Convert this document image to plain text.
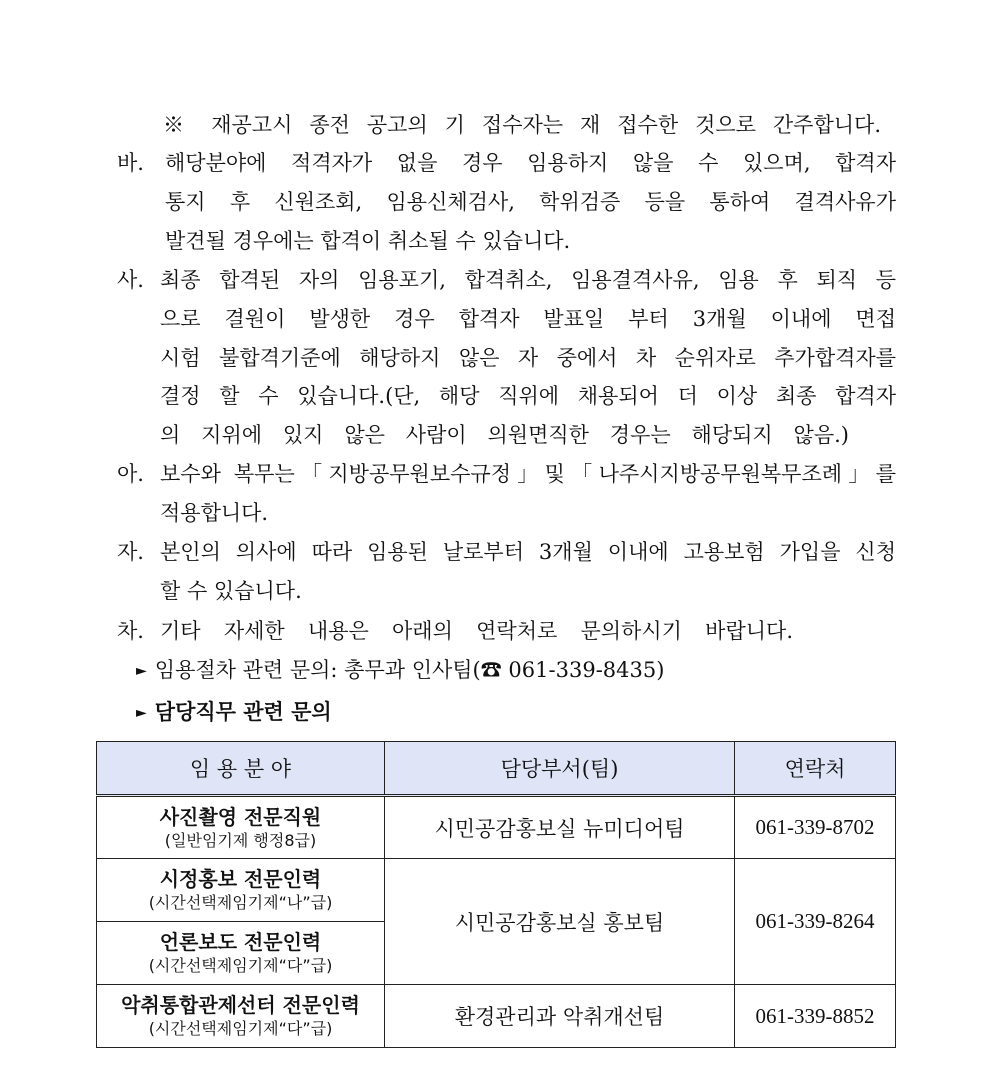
※ 재공고시 종전 공고의 기 접수자는 재 접수한 것으로 간주합니다.
바. 해당분야에 적격자가 없을 경우 임용하지 않을 수 있으며, 합격자
통지 후 신원조회, 임용신체검사, 학위검증 등을 통하여 결격사유가
발견될 경우에는 합격이 취소될 수 있습니다.
사. 최종 합격된 자의 임용포기, 합격취소, 임용결격사유, 임용 후 퇴직 등
으로 결원이 발생한 경우 합격자 발표일 부터 3개월 이내에 면접
시험 불합격기준에 해당하지 않은 자 중에서 차 순위자로 추가합격자를
결정 할 수 있습니다.(단, 해당 직위에 채용되어 더 이상 최종 합격자
의 지위에 있지 않은 사람이 의원면직한 경우는 해당되지 않음.)
아. 보수와 복무는「지방공무원보수규정」및「나주시지방공무원복무조례」를
적용합니다.
자. 본인의 의사에 따라 임용된 날로부터 3개월 이내에 고용보험 가입을 신청
할 수 있습니다.
차. 기타 자세한 내용은 아래의 연락처로 문의하시기 바랍니다.
► 임용절차 관련 문의: 총무과 인사팀(☎ 061-339-8435)
► 담당직무 관련 문의
임 용 분 야	담당부서(팀)	연락처

사진촬영 전문직원
(일반임기제 행정8급)	시민공감홍보실 뉴미디어팀	061-339-8702

시정홍보 전문인력
(시간선택제임기제“나”급)	시민공감홍보실 홍보팀	061-339-8264

언론보도 전문인력
(시간선택제임기제“다”급)		

악취통합관제선터 전문인력
(시간선택제임기제“다”급)	환경관리과 악취개선팀	061-339-8852
